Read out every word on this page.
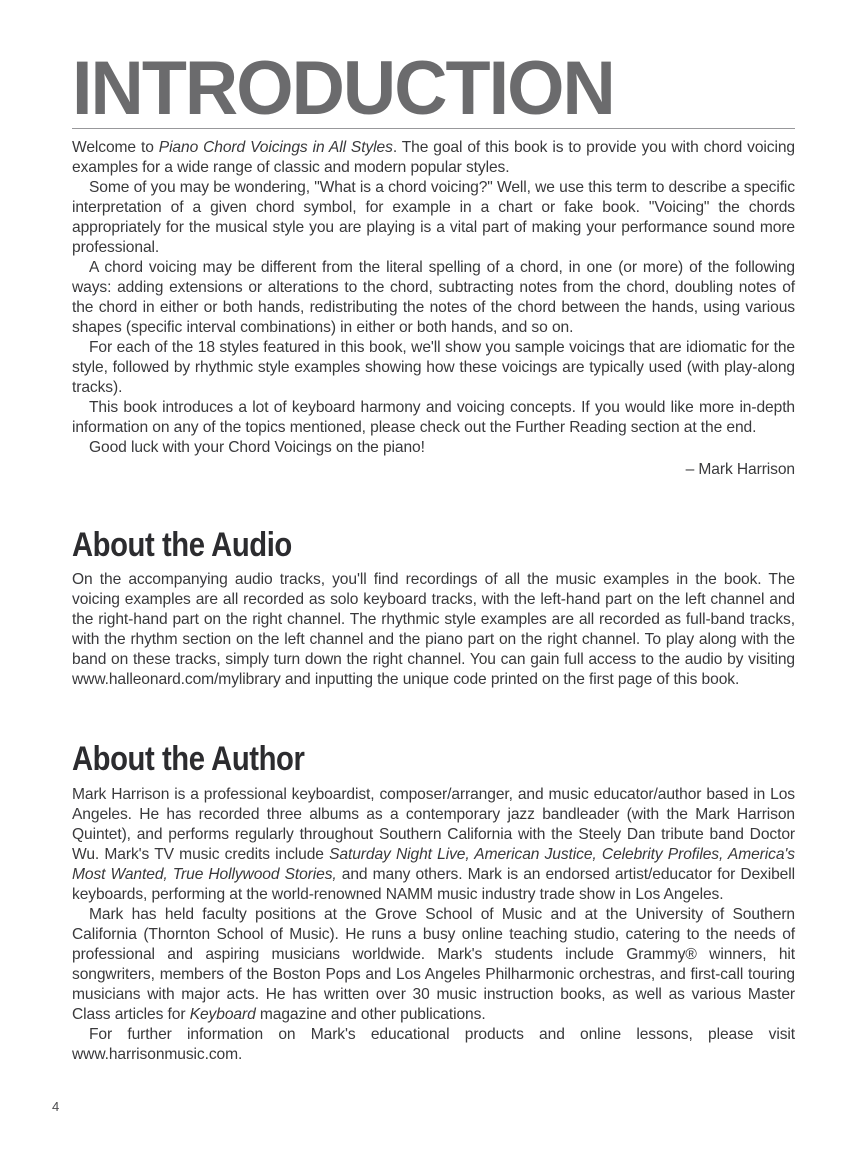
INTRODUCTION

Welcome to Piano Chord Voicings in All Styles. The goal of this book is to provide you with chord voicing examples for a wide range of classic and modern popular styles.

Some of you may be wondering, "What is a chord voicing?" Well, we use this term to describe a specific interpretation of a given chord symbol, for example in a chart or fake book. "Voicing" the chords appropriately for the musical style you are playing is a vital part of making your performance sound more professional.

A chord voicing may be different from the literal spelling of a chord, in one (or more) of the following ways: adding extensions or alterations to the chord, subtracting notes from the chord, doubling notes of the chord in either or both hands, redistributing the notes of the chord between the hands, using various shapes (specific interval combinations) in either or both hands, and so on.

For each of the 18 styles featured in this book, we'll show you sample voicings that are idiomatic for the style, followed by rhythmic style examples showing how these voicings are typically used (with play-along tracks).

This book introduces a lot of keyboard harmony and voicing concepts. If you would like more in-depth information on any of the topics mentioned, please check out the Further Reading section at the end.

Good luck with your Chord Voicings on the piano!

– Mark Harrison

About the Audio

On the accompanying audio tracks, you'll find recordings of all the music examples in the book. The voicing examples are all recorded as solo keyboard tracks, with the left-hand part on the left channel and the right-hand part on the right channel. The rhythmic style examples are all recorded as full-band tracks, with the rhythm section on the left channel and the piano part on the right channel. To play along with the band on these tracks, simply turn down the right channel. You can gain full access to the audio by visiting www.halleonard.com/mylibrary and inputting the unique code printed on the first page of this book.

About the Author

Mark Harrison is a professional keyboardist, composer/arranger, and music educator/author based in Los Angeles. He has recorded three albums as a contemporary jazz bandleader (with the Mark Harrison Quintet), and performs regularly throughout Southern California with the Steely Dan tribute band Doctor Wu. Mark's TV music credits include Saturday Night Live, American Justice, Celebrity Profiles, America's Most Wanted, True Hollywood Stories, and many others. Mark is an endorsed artist/educator for Dexibell keyboards, performing at the world-renowned NAMM music industry trade show in Los Angeles.

Mark has held faculty positions at the Grove School of Music and at the University of Southern California (Thornton School of Music). He runs a busy online teaching studio, catering to the needs of professional and aspiring musicians worldwide. Mark's students include Grammy® winners, hit songwriters, members of the Boston Pops and Los Angeles Philharmonic orchestras, and first-call touring musicians with major acts. He has written over 30 music instruction books, as well as various Master Class articles for Keyboard magazine and other publications.

For further information on Mark's educational products and online lessons, please visit www.harrisonmusic.com.

4
